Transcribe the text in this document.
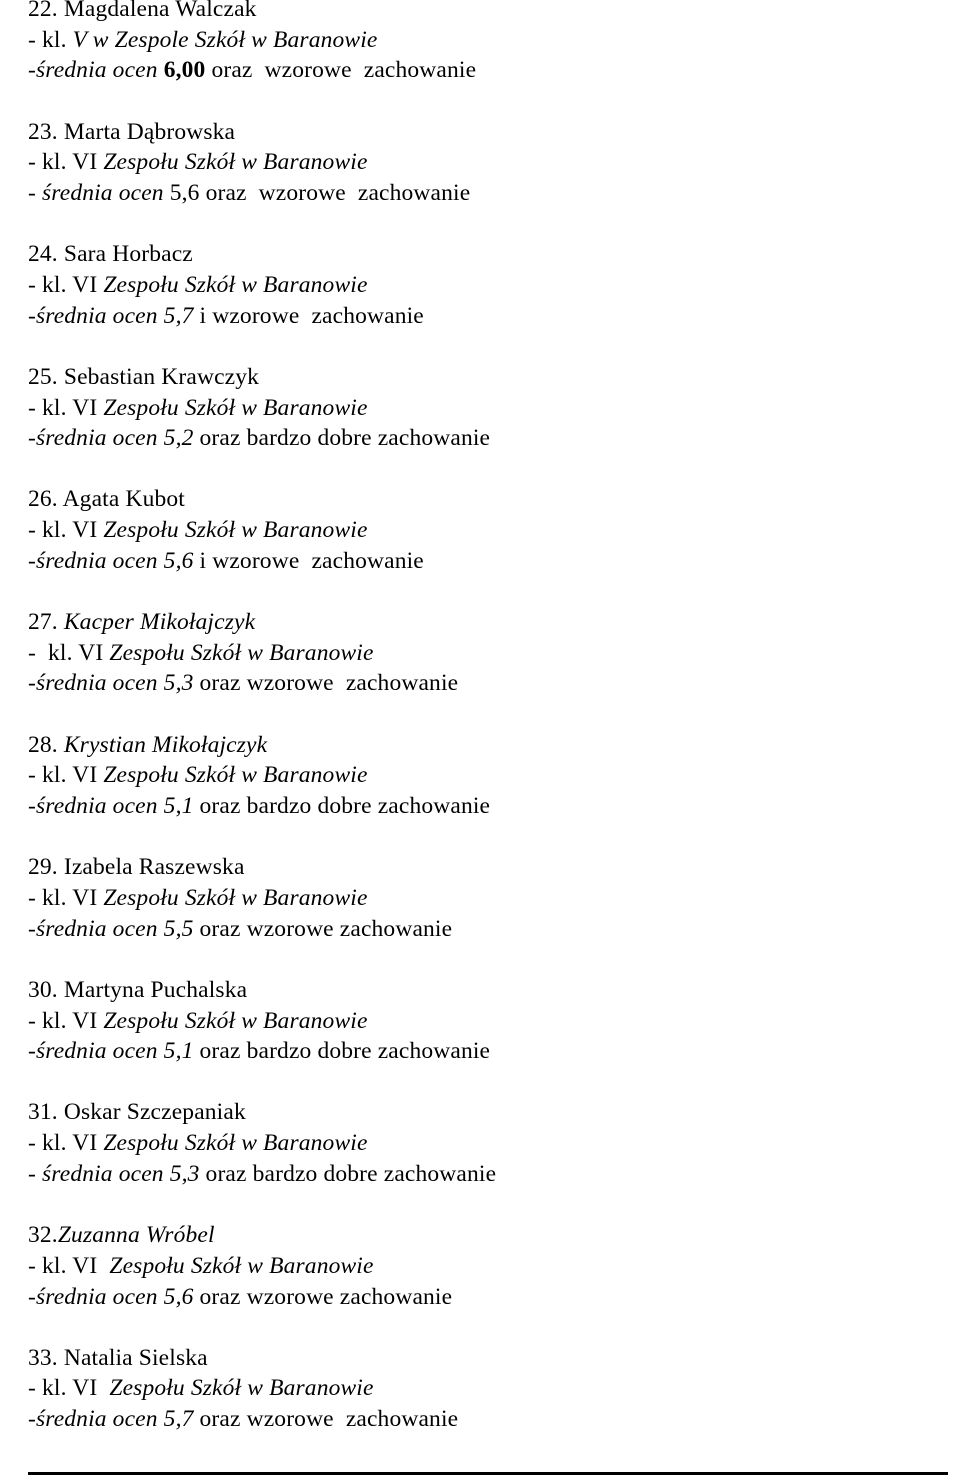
22. Magdalena Walczak
- kl. V w Zespole Szkół w Baranowie
-średnia ocen 6,00 oraz  wzorowe  zachowanie
23. Marta Dąbrowska
- kl. VI Zespołu Szkół w Baranowie
- średnia ocen 5,6 oraz  wzorowe  zachowanie
24. Sara Horbacz
- kl. VI Zespołu Szkół w Baranowie
-średnia ocen 5,7 i wzorowe  zachowanie
25. Sebastian Krawczyk
- kl. VI Zespołu Szkół w Baranowie
-średnia ocen 5,2 oraz bardzo dobre zachowanie
26. Agata Kubot
- kl. VI Zespołu Szkół w Baranowie
-średnia ocen 5,6 i wzorowe  zachowanie
27. Kacper Mikołajczyk
-  kl. VI Zespołu Szkół w Baranowie
-średnia ocen 5,3 oraz wzorowe  zachowanie
28. Krystian Mikołajczyk
- kl. VI Zespołu Szkół w Baranowie
-średnia ocen 5,1 oraz bardzo dobre zachowanie
29. Izabela Raszewska
- kl. VI Zespołu Szkół w Baranowie
-średnia ocen 5,5 oraz wzorowe zachowanie
30. Martyna Puchalska
- kl. VI Zespołu Szkół w Baranowie
-średnia ocen 5,1 oraz bardzo dobre zachowanie
31. Oskar Szczepaniak
- kl. VI Zespołu Szkół w Baranowie
- średnia ocen 5,3 oraz bardzo dobre zachowanie
32.Zuzanna Wróbel
- kl. VI  Zespołu Szkół w Baranowie
-średnia ocen 5,6 oraz wzorowe zachowanie
33. Natalia Sielska
- kl. VI  Zespołu Szkół w Baranowie
-średnia ocen 5,7 oraz wzorowe  zachowanie
